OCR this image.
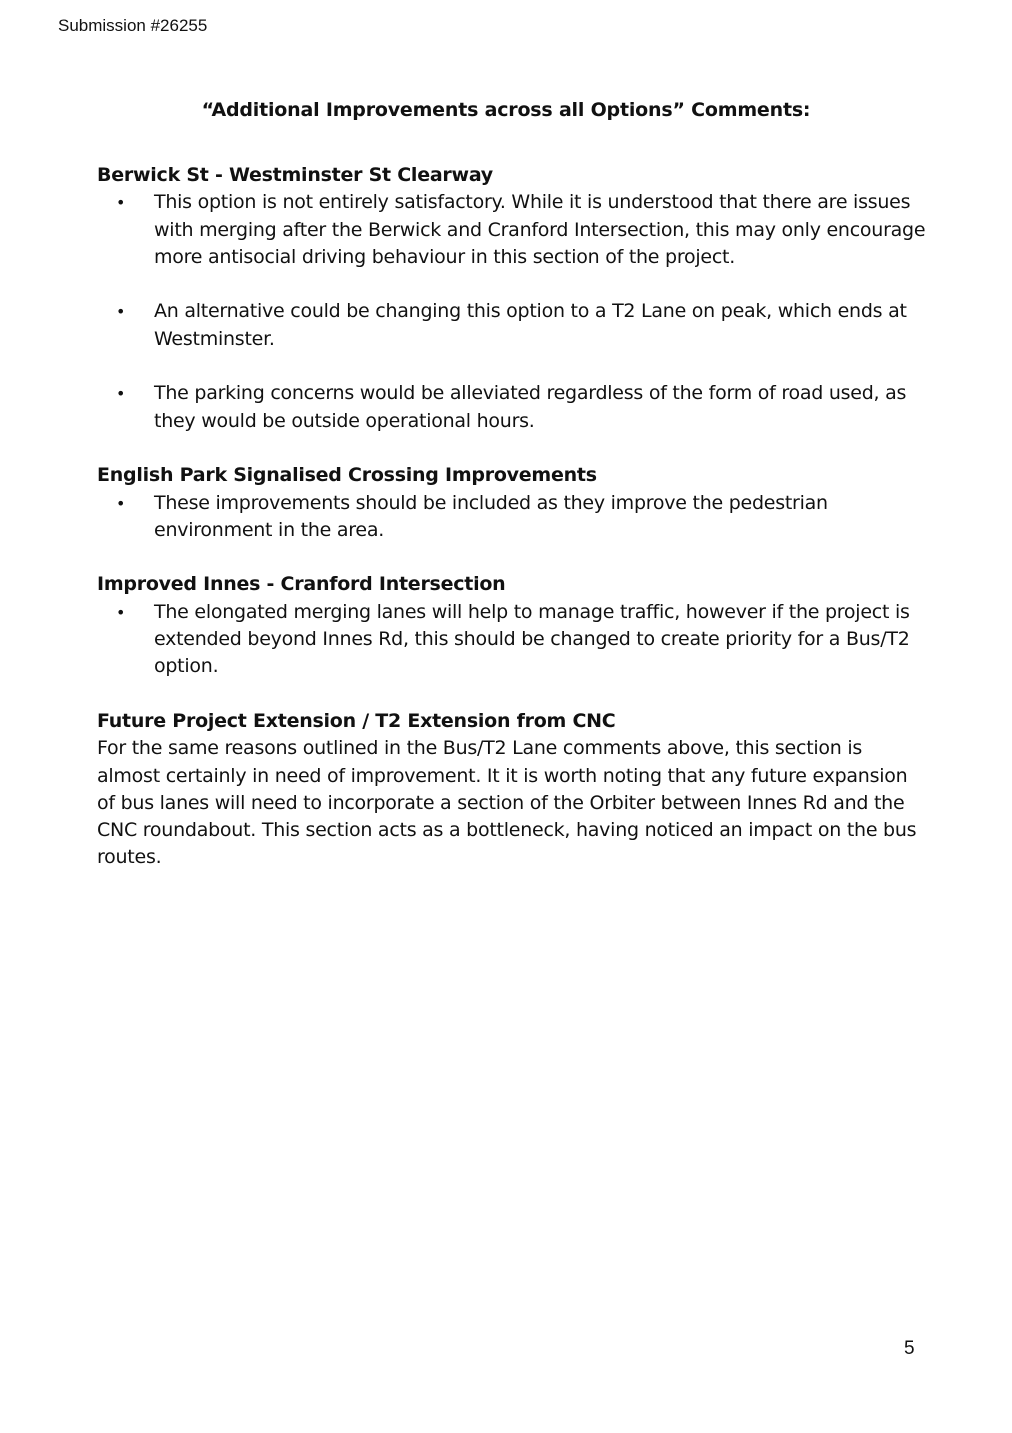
Submission #26255
“Additional Improvements across all Options” Comments:

Berwick St - Westminster St Clearway

• This option is not entirely satisfactory. While it is understood that there are issues with merging after the Berwick and Cranford Intersection, this may only encourage more antisocial driving behaviour in this section of the project.
• An alternative could be changing this option to a T2 Lane on peak, which ends at Westminster.
• The parking concerns would be alleviated regardless of the form of road used, as they would be outside operational hours.

English Park Signalised Crossing Improvements

• These improvements should be included as they improve the pedestrian environment in the area.

Improved Innes - Cranford Intersection

• The elongated merging lanes will help to manage traffic, however if the project is extended beyond Innes Rd, this should be changed to create priority for a Bus/T2 option.

Future Project Extension / T2 Extension from CNC

For the same reasons outlined in the Bus/T2 Lane comments above, this section is almost certainly in need of improvement. It it is worth noting that any future expansion of bus lanes will need to incorporate a section of the Orbiter between Innes Rd and the CNC roundabout. This section acts as a bottleneck, having noticed an impact on the bus routes.

5
